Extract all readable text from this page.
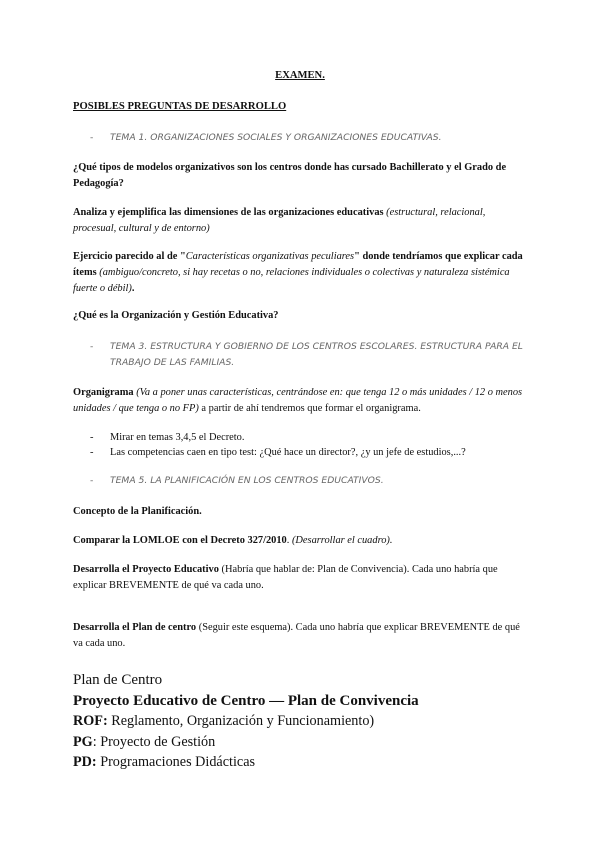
EXAMEN.
POSIBLES PREGUNTAS DE DESARROLLO
- TEMA 1. ORGANIZACIONES SOCIALES Y ORGANIZACIONES EDUCATIVAS.
¿Qué tipos de modelos organizativos son los centros donde has cursado Bachillerato y el Grado de Pedagogía?
Analiza y ejemplifica las dimensiones de las organizaciones educativas (estructural, relacional, procesual, cultural y de entorno)
Ejercicio parecido al de "Características organizativas peculiares" donde tendríamos que explicar cada ítems (ambiguo/concreto, si hay recetas o no, relaciones individuales o colectivas y naturaleza sistémica fuerte o débil).
¿Qué es la Organización y Gestión Educativa?
- TEMA 3. ESTRUCTURA Y GOBIERNO DE LOS CENTROS ESCOLARES. ESTRUCTURA PARA EL TRABAJO DE LAS FAMILIAS.
Organigrama (Va a poner unas características, centrándose en: que tenga 12 o más unidades / 12 o menos unidades / que tenga o no FP) a partir de ahí tendremos que formar el organigrama.
- Mirar en temas 3,4,5 el Decreto.
- Las competencias caen en tipo test: ¿Qué hace un director?, ¿y un jefe de estudios,...?
- TEMA 5. LA PLANIFICACIÓN EN LOS CENTROS EDUCATIVOS.
Concepto de la Planificación.
Comparar la LOMLOE con el Decreto 327/2010. (Desarrollar el cuadro).
Desarrolla el Proyecto Educativo (Habría que hablar de: Plan de Convivencia). Cada uno habría que explicar BREVEMENTE de qué va cada uno.
Desarrolla el Plan de centro (Seguir este esquema). Cada uno habría que explicar BREVEMENTE de qué va cada uno.
Plan de Centro
Proyecto Educativo de Centro — Plan de Convivencia
ROF: Reglamento, Organización y Funcionamiento)
PG: Proyecto de Gestión
PD: Programaciones Didácticas
